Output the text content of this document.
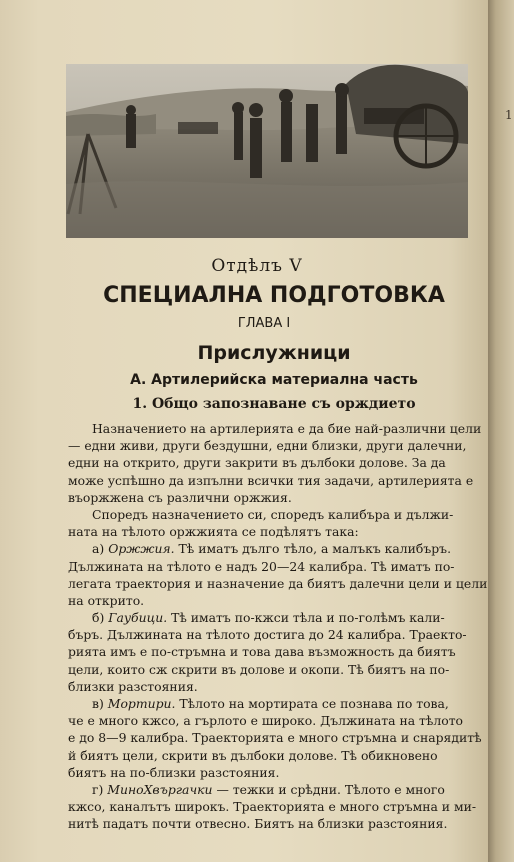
1
Отдѣлъ V
СПЕЦИАЛНА ПОДГОТОВКА
ГЛАВА I
Прислужници
А. Артилерийска материална часть
1. Общо запознаване съ орждието
Назначението на артилерията е да бие най-различни цели
— едни живи, други бездушни, едни близки, други далечни,
едни на открито, други закрити въ дълбоки долове. За да
може успѣшно да изпълни всички тия задачи, артилерията е
въоржжена съ различни оржжия.
Споредъ назначението си, споредъ калибъра и дължи-
ната на тѣлото оржжията се подѣлятъ така:
а) Оржжия. Тѣ иматъ дълго тѣло, а малъкъ калибъръ.
Дължината на тѣлото е надъ 20—24 калибра. Тѣ иматъ по-
легата траектория и назначение да биятъ далечни цели и цели
на открито.
б) Гаубици. Тѣ иматъ по-кжси тѣла и по-голѣмъ кали-
бъръ. Дължината на тѣлото достига до 24 калибра. Траекто-
рията имъ е по-стръмна и това дава възможность да биятъ
цели, които сж скрити въ долове и окопи. Тѣ биятъ на по-
близки разстояния.
в) Мортири. Тѣлото на мортирата се познава по това,
че е много кжсо, а гърлото е широко. Дължината на тѣлото
е до 8—9 калибра. Траекторията е много стръмна и снарядитѣ
й биятъ цели, скрити въ дълбоки долове. Тѣ обикновено
биятъ на по-близки разстояния.
г) МиноХвъргачки — тежки и срѣдни. Тѣлото е много
кжсо, каналътъ широкъ. Траекторията е много стръмна и ми-
нитѣ падатъ почти отвесно. Биятъ на близки разстояния.
